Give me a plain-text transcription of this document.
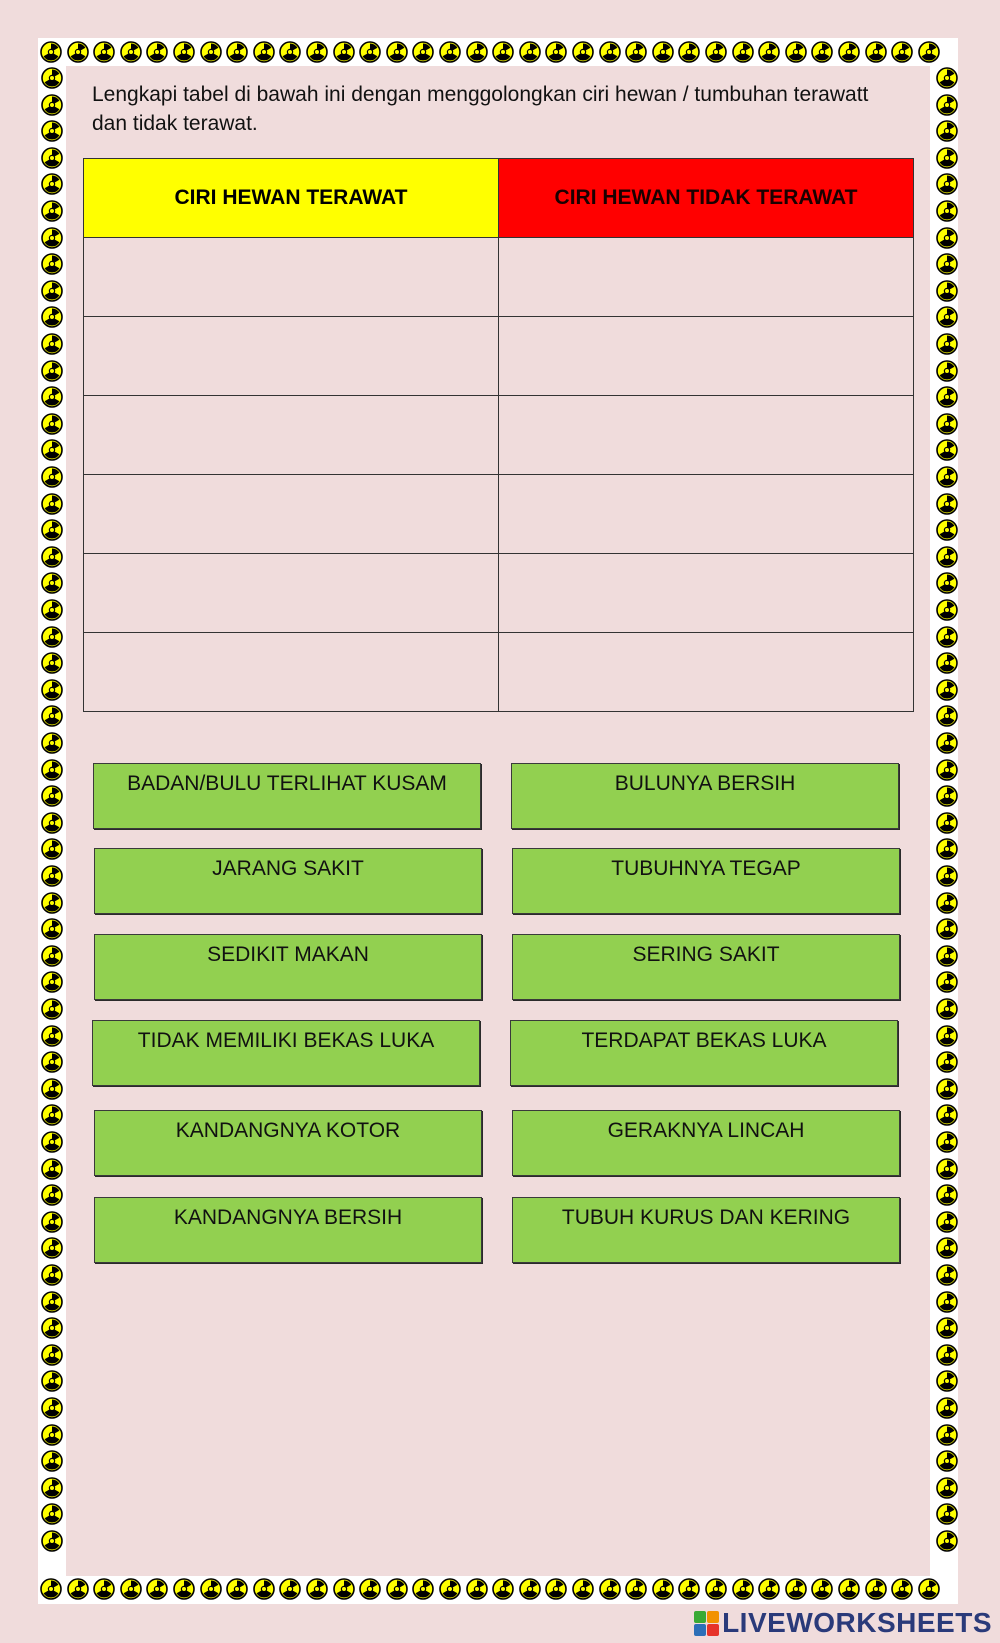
Lengkapi tabel di bawah ini dengan menggolongkan ciri hewan / tumbuhan terawatt dan tidak terawat.

CIRI HEWAN TERAWAT	CIRI HEWAN TIDAK TERAWAT

BADAN/BULU TERLIHAT KUSAM	BULUNYA BERSIH
JARANG SAKIT	TUBUHNYA TEGAP
SEDIKIT MAKAN	SERING SAKIT
TIDAK MEMILIKI BEKAS LUKA	TERDAPAT BEKAS LUKA
KANDANGNYA KOTOR	GERAKNYA LINCAH
KANDANGNYA BERSIH	TUBUH KURUS DAN KERING
LIVEWORKSHEETS
